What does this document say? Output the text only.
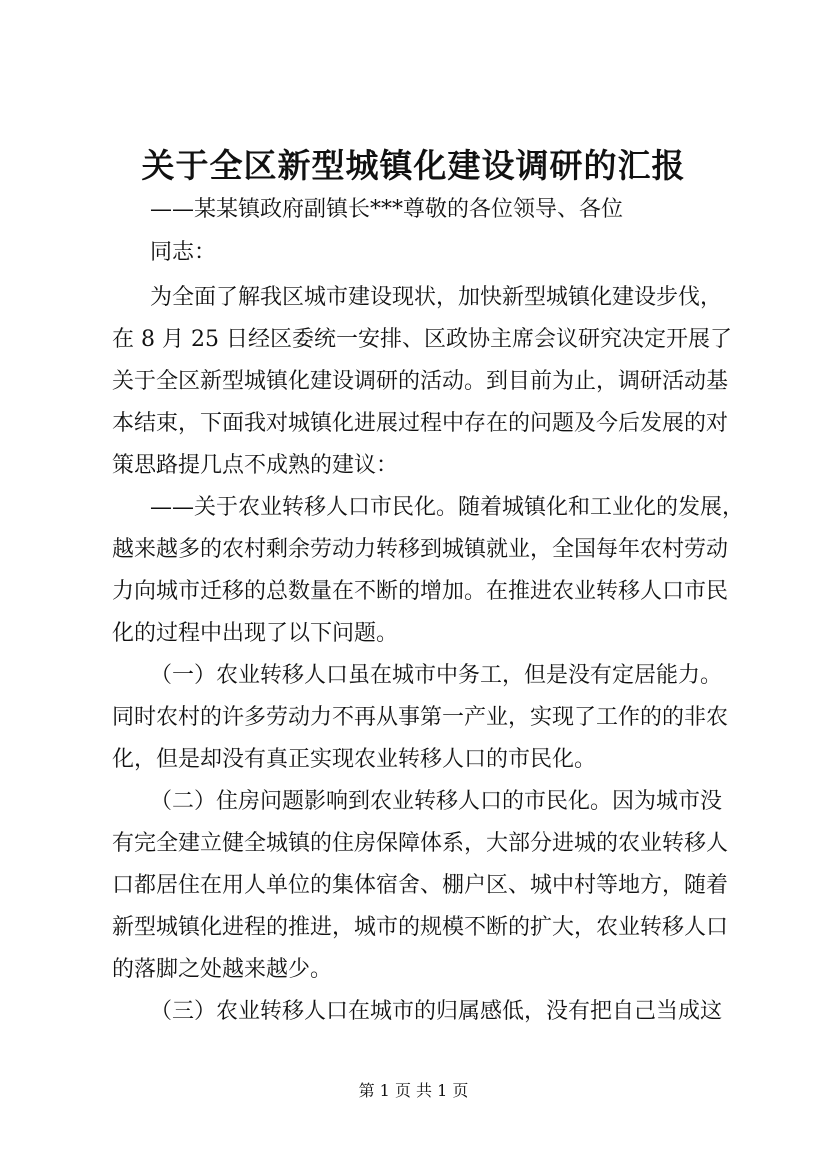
关于全区新型城镇化建设调研的汇报
——某某镇政府副镇长***尊敬的各位领导、各位
同志：
为全面了解我区城市建设现状，加快新型城镇化建设步伐，
在 8 月 25 日经区委统一安排、区政协主席会议研究决定开展了
关于全区新型城镇化建设调研的活动。到目前为止，调研活动基
本结束，下面我对城镇化进展过程中存在的问题及今后发展的对
策思路提几点不成熟的建议：
——关于农业转移人口市民化。随着城镇化和工业化的发展，
越来越多的农村剩余劳动力转移到城镇就业，全国每年农村劳动
力向城市迁移的总数量在不断的增加。在推进农业转移人口市民
化的过程中出现了以下问题。
（一）农业转移人口虽在城市中务工，但是没有定居能力。
同时农村的许多劳动力不再从事第一产业，实现了工作的的非农
化，但是却没有真正实现农业转移人口的市民化。
（二）住房问题影响到农业转移人口的市民化。因为城市没
有完全建立健全城镇的住房保障体系，大部分进城的农业转移人
口都居住在用人单位的集体宿舍、棚户区、城中村等地方，随着
新型城镇化进程的推进，城市的规模不断的扩大，农业转移人口
的落脚之处越来越少。
（三）农业转移人口在城市的归属感低，没有把自己当成这
第 1 页 共 1 页
